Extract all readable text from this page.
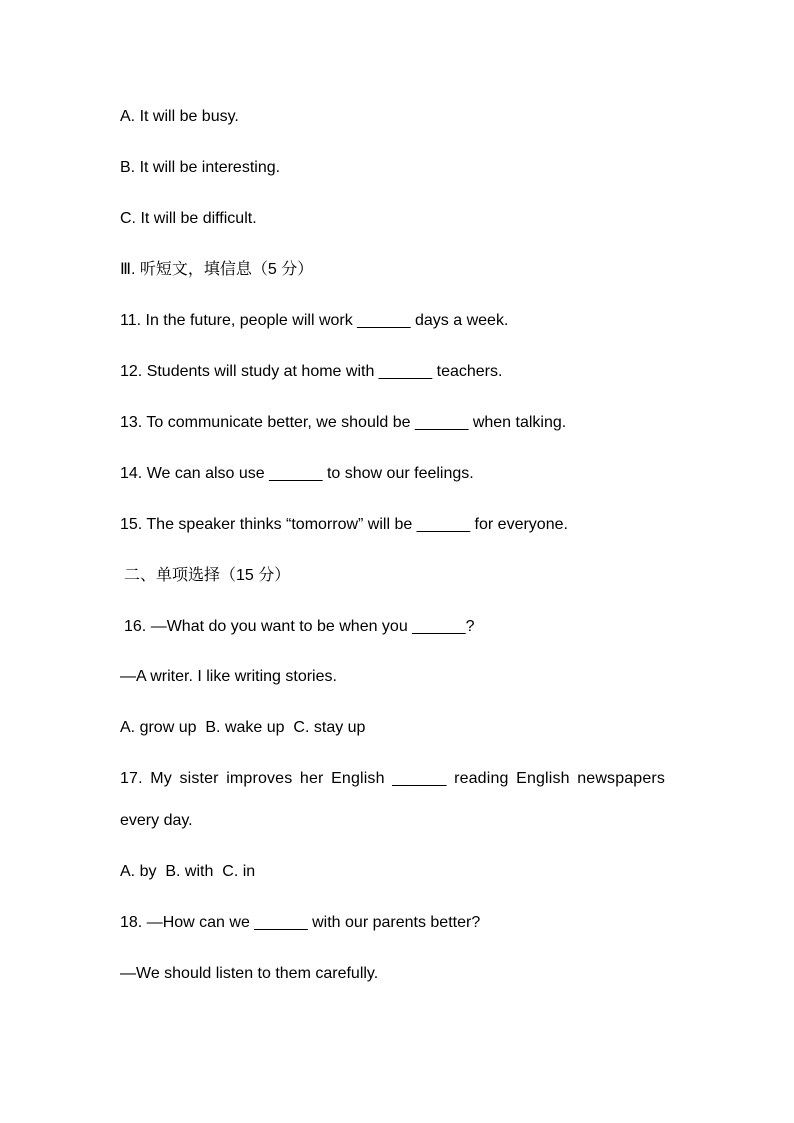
A. It will be busy.

B. It will be interesting.

C. It will be difficult.

Ⅲ. 听短文，填信息（5 分）

11. In the future, people will work ______ days a week.

12. Students will study at home with ______ teachers.

13. To communicate better, we should be ______ when talking.

14. We can also use ______ to show our feelings.

15. The speaker thinks “tomorrow” will be ______ for everyone.

二、单项选择（15 分）

16. —What do you want to be when you ______?

—A writer. I like writing stories.

A. grow up  B. wake up  C. stay up

17. My sister improves her English ______ reading English newspapers

every day.

A. by  B. with  C. in

18. —How can we ______ with our parents better?

—We should listen to them carefully.
